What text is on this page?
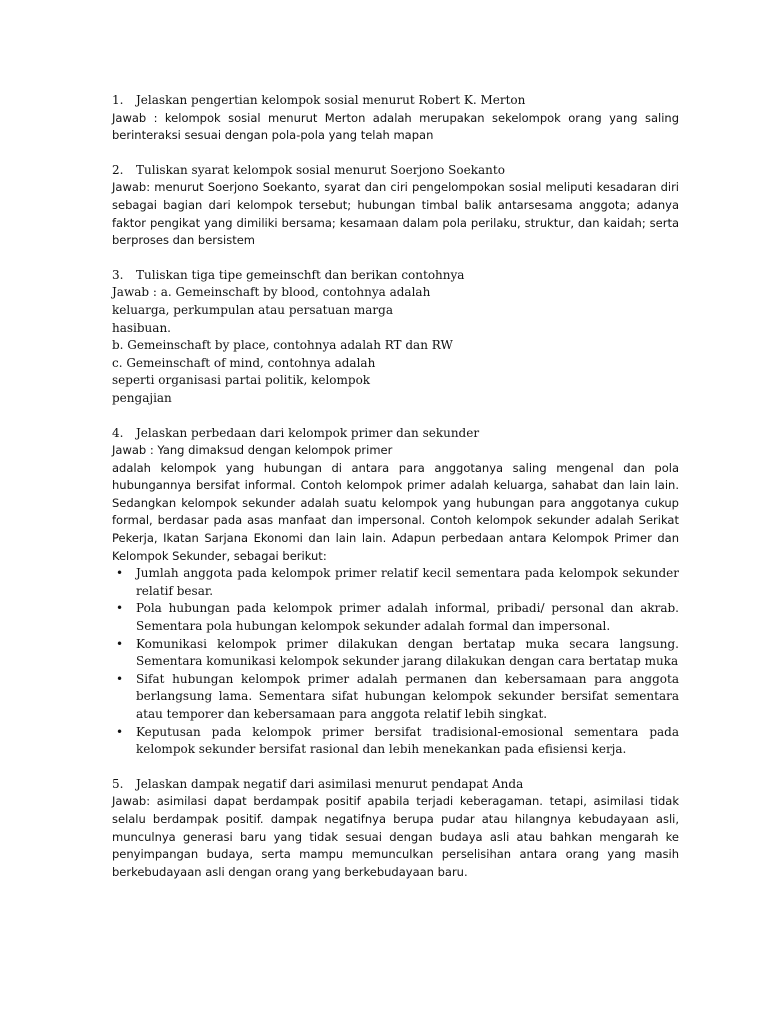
1.	Jelaskan pengertian kelompok sosial menurut Robert K. Merton

Jawab : kelompok sosial menurut Merton adalah merupakan sekelompok orang yang saling berinteraksi sesuai dengan pola-pola yang telah mapan

2.	Tuliskan syarat kelompok sosial menurut Soerjono Soekanto

Jawab: menurut Soerjono Soekanto, syarat dan ciri pengelompokan sosial meliputi kesadaran diri sebagai bagian dari kelompok tersebut; hubungan timbal balik antarsesama anggota; adanya faktor pengikat yang dimiliki bersama; kesamaan dalam pola perilaku, struktur, dan kaidah; serta berproses dan bersistem

3.	Tuliskan tiga tipe gemeinschft dan berikan contohnya

Jawab : a. Gemeinschaft by blood, contohnya adalah

keluarga, perkumpulan atau persatuan marga

hasibuan.

b. Gemeinschaft by place, contohnya adalah RT dan RW

c. Gemeinschaft of mind, contohnya adalah

seperti organisasi partai politik, kelompok

pengajian

4.	Jelaskan perbedaan dari kelompok primer dan sekunder

Jawab : Yang dimaksud dengan kelompok primer

adalah kelompok yang hubungan di antara para anggotanya saling mengenal dan pola hubungannya bersifat informal. Contoh kelompok primer adalah keluarga, sahabat dan lain lain. Sedangkan kelompok sekunder adalah suatu kelompok yang hubungan para anggotanya cukup formal, berdasar pada asas manfaat dan impersonal. Contoh kelompok sekunder adalah Serikat Pekerja, Ikatan Sarjana Ekonomi dan lain lain. Adapun perbedaan antara Kelompok Primer dan Kelompok Sekunder, sebagai berikut:

•	Jumlah anggota pada kelompok primer relatif kecil sementara pada kelompok sekunder relatif besar.
•	Pola hubungan pada kelompok primer adalah informal, pribadi/ personal dan akrab. Sementara pola hubungan kelompok sekunder adalah formal dan impersonal.
•	Komunikasi kelompok primer dilakukan dengan bertatap muka secara langsung. Sementara komunikasi kelompok sekunder jarang dilakukan dengan cara bertatap muka
•	Sifat hubungan kelompok primer adalah permanen dan kebersamaan para anggota berlangsung lama. Sementara sifat hubungan kelompok sekunder bersifat sementara atau temporer dan kebersamaan para anggota relatif lebih singkat.
•	Keputusan pada kelompok primer bersifat tradisional-emosional sementara pada kelompok sekunder bersifat rasional dan lebih menekankan pada efisiensi kerja.
5.	Jelaskan dampak negatif dari asimilasi menurut pendapat Anda

Jawab: asimilasi dapat berdampak positif apabila terjadi keberagaman. tetapi, asimilasi tidak selalu berdampak positif. dampak negatifnya berupa pudar atau hilangnya kebudayaan asli, munculnya generasi baru yang tidak sesuai dengan budaya asli atau bahkan mengarah ke penyimpangan budaya, serta mampu memunculkan perselisihan antara orang yang masih berkebudayaan asli dengan orang yang berkebudayaan baru.
